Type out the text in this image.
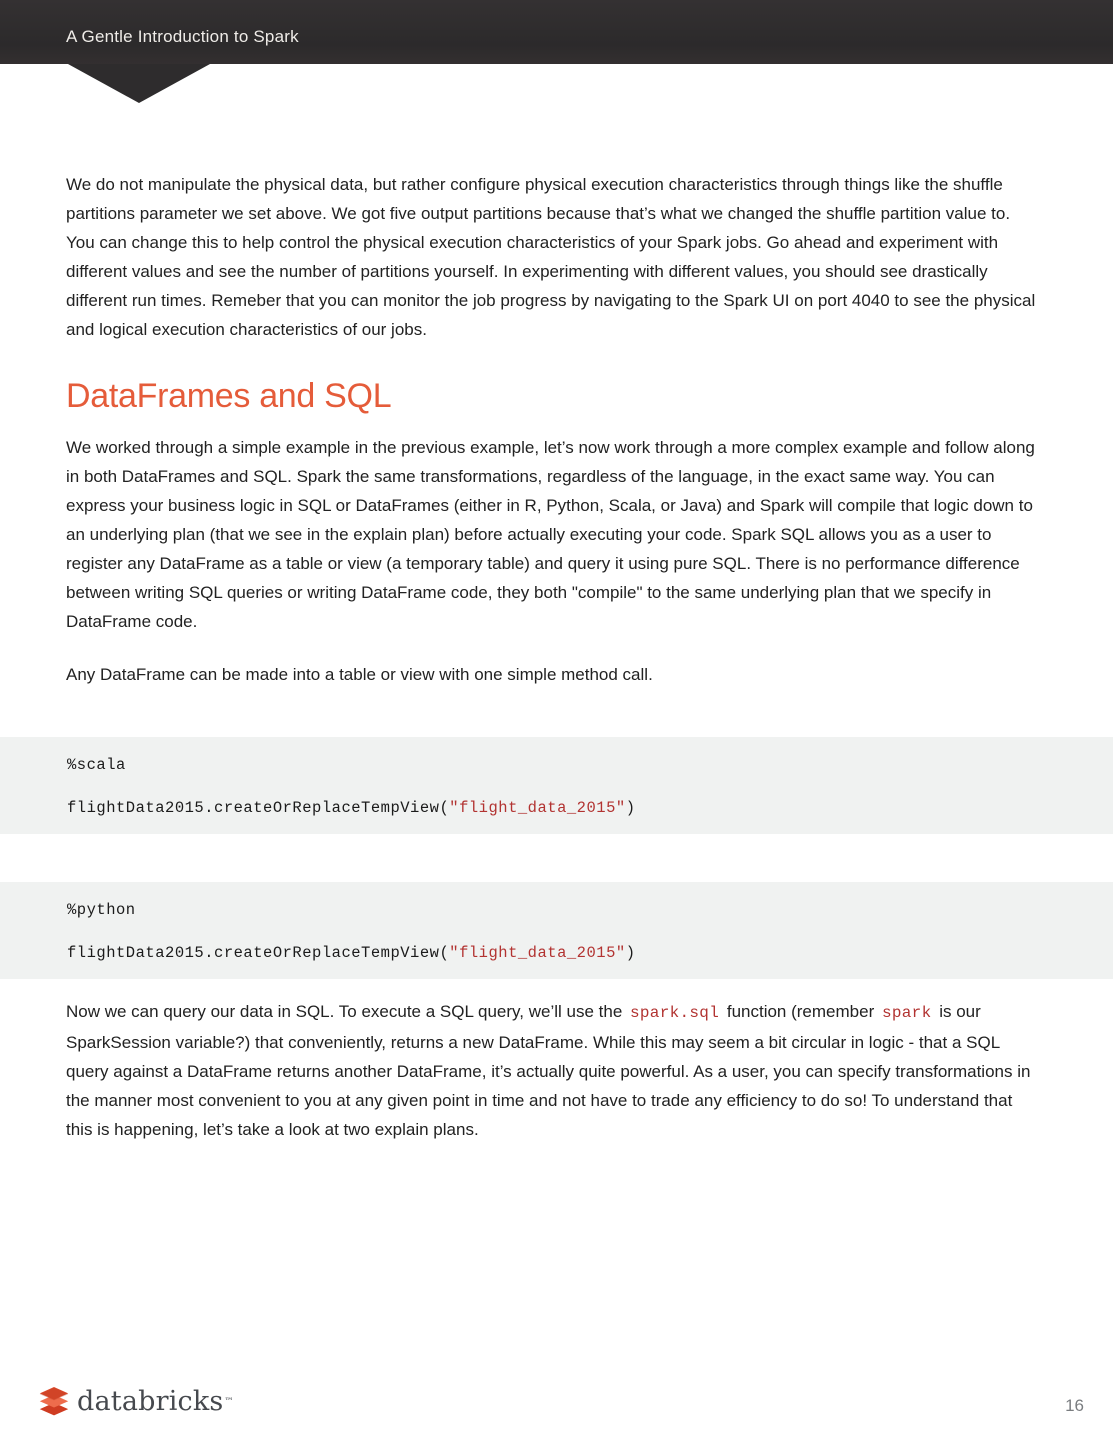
A Gentle Introduction to Spark

We do not manipulate the physical data, but rather configure physical execution characteristics through things like the shuffle partitions parameter we set above. We got five output partitions because that’s what we changed the shuffle partition value to. You can change this to help control the physical execution characteristics of your Spark jobs. Go ahead and experiment with different values and see the number of partitions yourself. In experimenting with different values, you should see drastically different run times. Remeber that you can monitor the job progress by navigating to the Spark UI on port 4040 to see the physical and logical execution characteristics of our jobs.

DataFrames and SQL

We worked through a simple example in the previous example, let’s now work through a more complex example and follow along in both DataFrames and SQL. Spark the same transformations, regardless of the language, in the exact same way. You can express your business logic in SQL or DataFrames (either in R, Python, Scala, or Java) and Spark will compile that logic down to an underlying plan (that we see in the explain plan) before actually executing your code. Spark SQL allows you as a user to register any DataFrame as a table or view (a temporary table) and query it using pure SQL. There is no performance difference between writing SQL queries or writing DataFrame code, they both "compile" to the same underlying plan that we specify in DataFrame code.

Any DataFrame can be made into a table or view with one simple method call.

%scala
flightData2015.createOrReplaceTempView("flight_data_2015")
%python
flightData2015.createOrReplaceTempView("flight_data_2015")

Now we can query our data in SQL. To execute a SQL query, we’ll use the spark.sql function (remember spark is our SparkSession variable?) that conveniently, returns a new DataFrame. While this may seem a bit circular in logic - that a SQL query against a DataFrame returns another DataFrame, it’s actually quite powerful. As a user, you can specify transformations in the manner most convenient to you at any given point in time and not have to trade any efficiency to do so! To understand that this is happening, let’s take a look at two explain plans.

databricks ™	16
